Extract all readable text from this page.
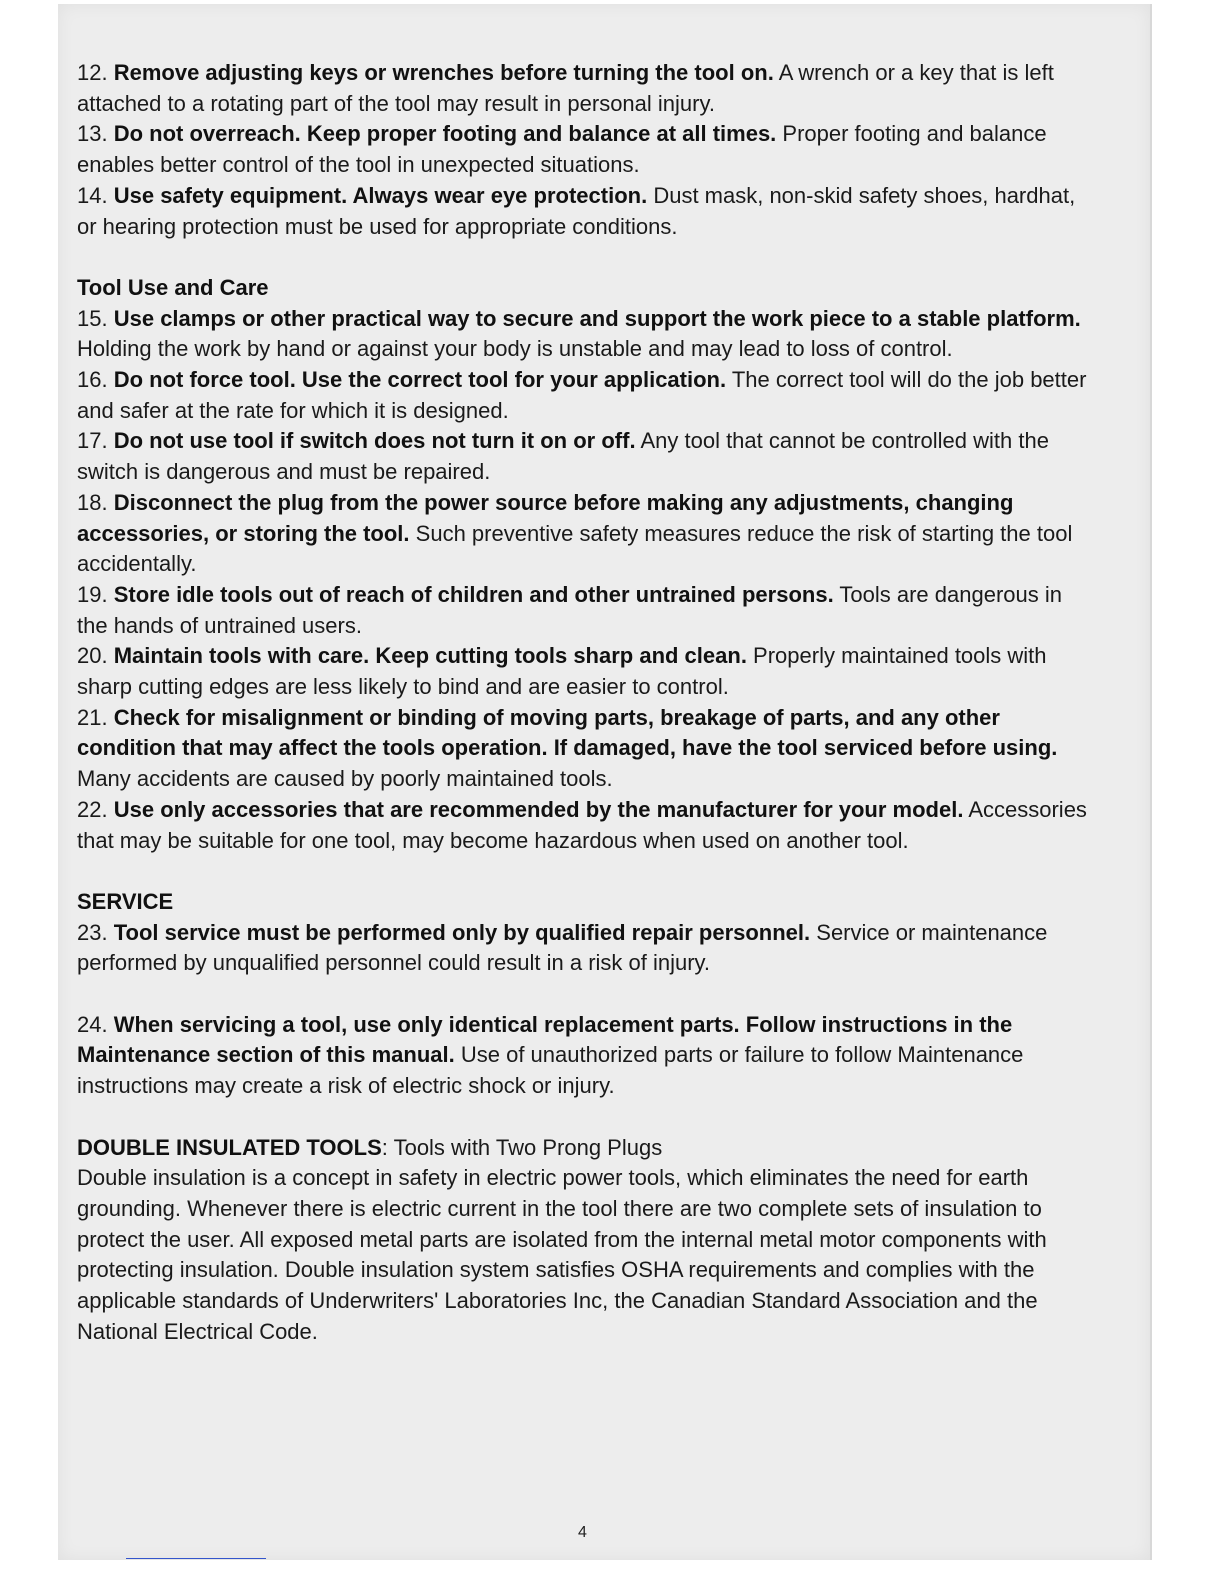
12. Remove adjusting keys or wrenches before turning the tool on. A wrench or a key that is left attached to a rotating part of the tool may result in personal injury.

13. Do not overreach. Keep proper footing and balance at all times. Proper footing and balance enables better control of the tool in unexpected situations.

14. Use safety equipment. Always wear eye protection. Dust mask, non-skid safety shoes, hardhat, or hearing protection must be used for appropriate conditions.

Tool Use and Care

15. Use clamps or other practical way to secure and support the work piece to a stable platform. Holding the work by hand or against your body is unstable and may lead to loss of control.

16. Do not force tool. Use the correct tool for your application. The correct tool will do the job better and safer at the rate for which it is designed.

17. Do not use tool if switch does not turn it on or off. Any tool that cannot be controlled with the switch is dangerous and must be repaired.

18. Disconnect the plug from the power source before making any adjustments, changing accessories, or storing the tool. Such preventive safety measures reduce the risk of starting the tool accidentally.

19. Store idle tools out of reach of children and other untrained persons. Tools are dangerous in the hands of untrained users.

20. Maintain tools with care. Keep cutting tools sharp and clean. Properly maintained tools with sharp cutting edges are less likely to bind and are easier to control.

21. Check for misalignment or binding of moving parts, breakage of parts, and any other condition that may affect the tools operation. If damaged, have the tool serviced before using. Many accidents are caused by poorly maintained tools.

22. Use only accessories that are recommended by the manufacturer for your model. Accessories that may be suitable for one tool, may become hazardous when used on another tool.

SERVICE

23. Tool service must be performed only by qualified repair personnel. Service or maintenance performed by unqualified personnel could result in a risk of injury.

24. When servicing a tool, use only identical replacement parts. Follow instructions in the Maintenance section of this manual. Use of unauthorized parts or failure to follow Maintenance instructions may create a risk of electric shock or injury.

DOUBLE INSULATED TOOLS: Tools with Two Prong Plugs

Double insulation is a concept in safety in electric power tools, which eliminates the need for earth grounding. Whenever there is electric current in the tool there are two complete sets of insulation to protect the user. All exposed metal parts are isolated from the internal metal motor components with protecting insulation. Double insulation system satisfies OSHA requirements and complies with the applicable standards of Underwriters' Laboratories Inc, the Canadian Standard Association and the National Electrical Code.

4
